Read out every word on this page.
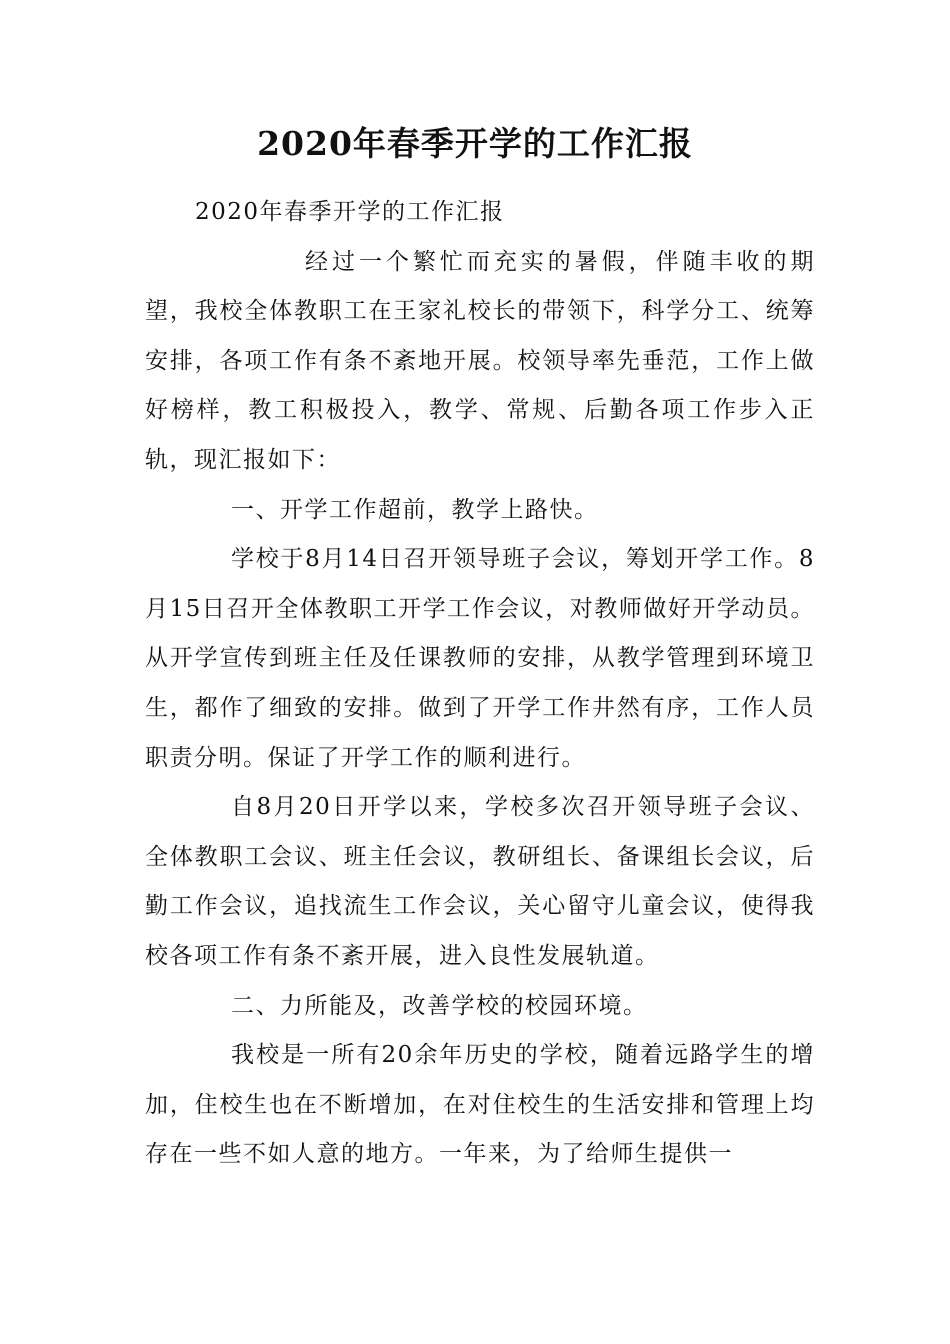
2020年春季开学的工作汇报

2020年春季开学的工作汇报

经过一个繁忙而充实的暑假，伴随丰收的期望，我校全体教职工在王家礼校长的带领下，科学分工、统筹安排，各项工作有条不紊地开展。校领导率先垂范，工作上做好榜样，教工积极投入，教学、常规、后勤各项工作步入正轨，现汇报如下：

一、开学工作超前，教学上路快。

学校于8月14日召开领导班子会议，筹划开学工作。8月15日召开全体教职工开学工作会议，对教师做好开学动员。从开学宣传到班主任及任课教师的安排，从教学管理到环境卫生，都作了细致的安排。做到了开学工作井然有序，工作人员职责分明。保证了开学工作的顺利进行。

自8月20日开学以来，学校多次召开领导班子会议、全体教职工会议、班主任会议，教研组长、备课组长会议，后勤工作会议，追找流生工作会议，关心留守儿童会议，使得我校各项工作有条不紊开展，进入良性发展轨道。

二、力所能及，改善学校的校园环境。

我校是一所有20余年历史的学校，随着远路学生的增加，住校生也在不断增加，在对住校生的生活安排和管理上均存在一些不如人意的地方。一年来，为了给师生提供一
